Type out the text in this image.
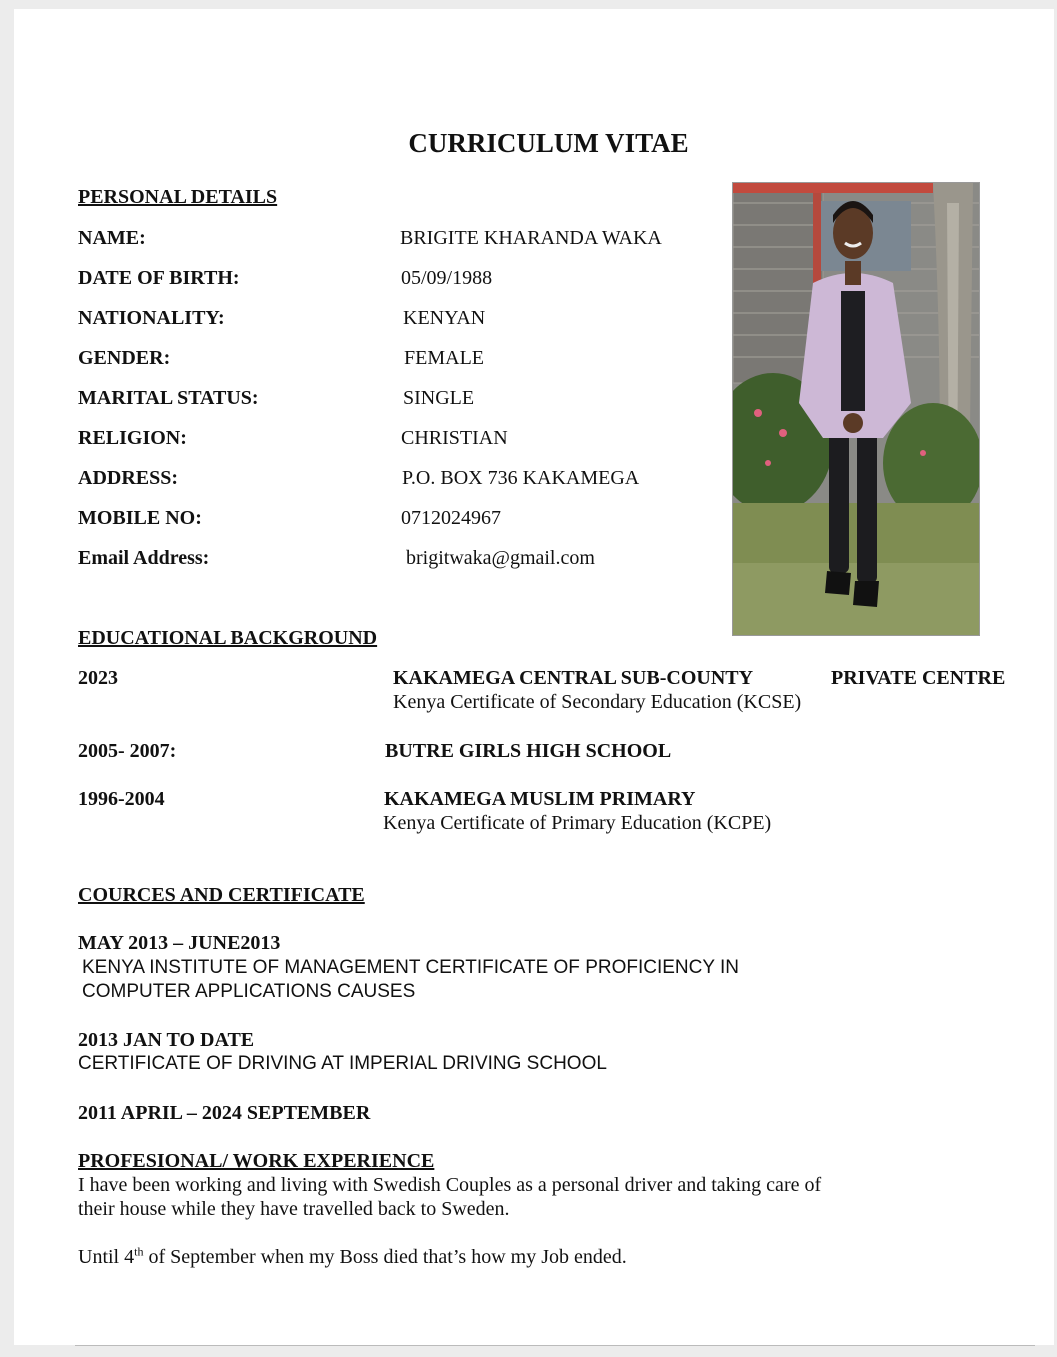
CURRICULUM VITAE
PERSONAL DETAILS
NAME:	BRIGITE KHARANDA WAKA
DATE OF BIRTH:	05/09/1988
NATIONALITY:	KENYAN
GENDER:	FEMALE
MARITAL STATUS:	SINGLE
RELIGION:	CHRISTIAN
ADDRESS:	P.O. BOX 736 KAKAMEGA
MOBILE NO:	0712024967
Email Address:	brigitwaka@gmail.com
EDUCATIONAL BACKGROUND
2023	KAKAMEGA CENTRAL SUB-COUNTY	PRIVATE CENTRE
Kenya Certificate of Secondary Education (KCSE)
2005- 2007:	BUTRE GIRLS HIGH SCHOOL
1996-2004	KAKAMEGA MUSLIM PRIMARY
Kenya Certificate of Primary Education (KCPE)
COURCES AND CERTIFICATE
MAY 2013 – JUNE2013
KENYA INSTITUTE OF MANAGEMENT CERTIFICATE OF PROFICIENCY IN
COMPUTER APPLICATIONS CAUSES
2013 JAN TO DATE
CERTIFICATE OF DRIVING AT IMPERIAL DRIVING SCHOOL
2011 APRIL – 2024 SEPTEMBER
PROFESIONAL/ WORK EXPERIENCE
I have been working and living with Swedish Couples as a personal driver and taking care of
their house while they have travelled back to Sweden.
Until 4th of September when my Boss died that’s how my Job ended.
